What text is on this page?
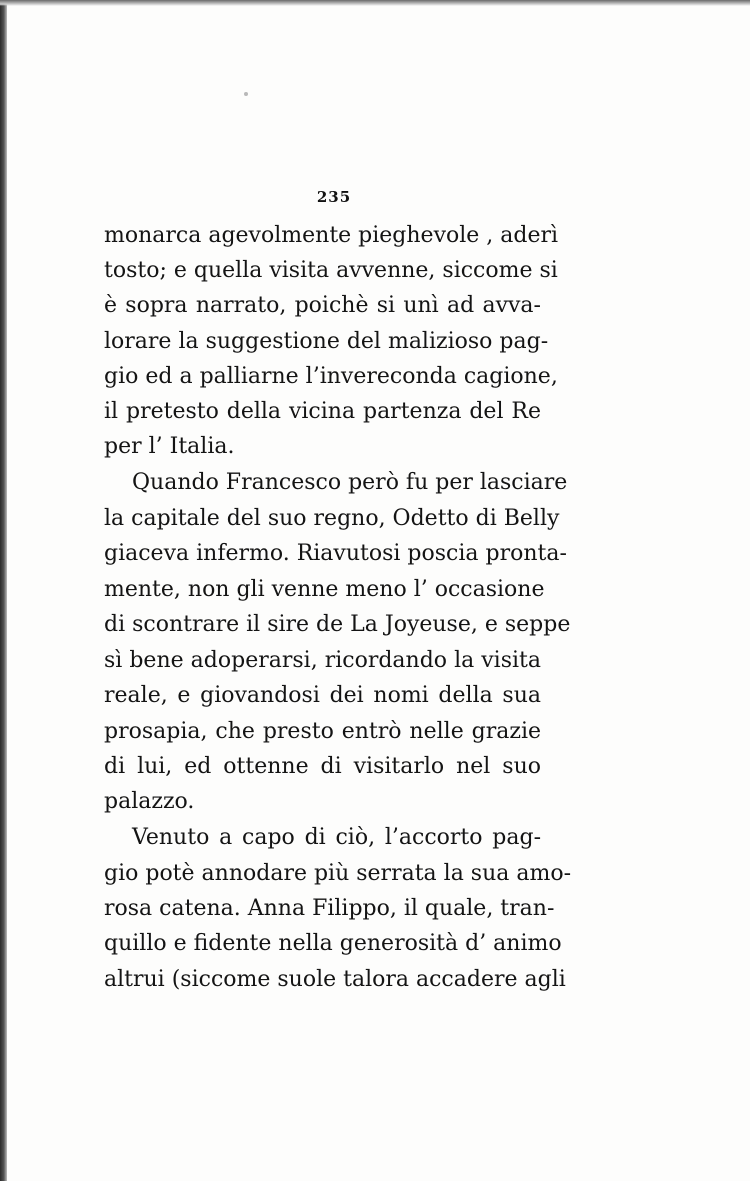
235
monarca agevolmente pieghevole , aderì
tosto; e quella visita avvenne, siccome si
è sopra narrato, poichè si unì ad avva-
lorare la suggestione del malizioso pag-
gio ed a palliarne l’invereconda cagione,
il pretesto della vicina partenza del Re
per l’ Italia.
Quando Francesco però fu per lasciare
la capitale del suo regno, Odetto di Belly
giaceva infermo. Riavutosi poscia pronta-
mente, non gli venne meno l’ occasione
di scontrare il sire de La Joyeuse, e seppe
sì bene adoperarsi, ricordando la visita
reale, e giovandosi dei nomi della sua
prosapia, che presto entrò nelle grazie
di lui, ed ottenne di visitarlo nel suo
palazzo.
Venuto a capo di ciò, l’accorto pag-
gio potè annodare più serrata la sua amo-
rosa catena. Anna Filippo, il quale, tran-
quillo e fidente nella generosità d’ animo
altrui (siccome suole talora accadere agli
